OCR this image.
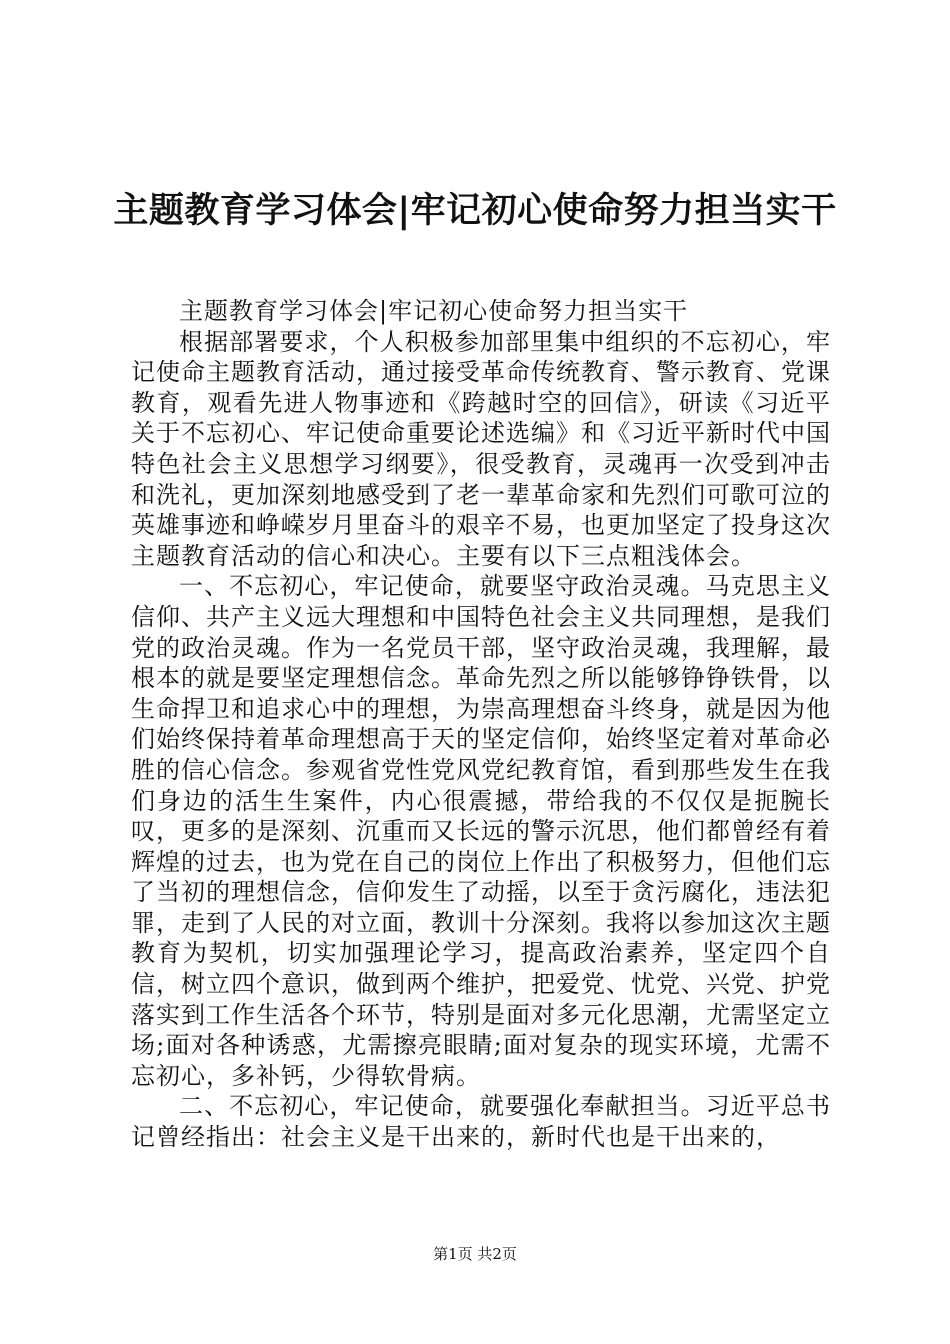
主题教育学习体会|牢记初心使命努力担当实干

主题教育学习体会|牢记初心使命努力担当实干

根据部署要求，个人积极参加部里集中组织的不忘初心，牢记使命主题教育活动，通过接受革命传统教育、警示教育、党课教育，观看先进人物事迹和《跨越时空的回信》，研读《习近平关于不忘初心、牢记使命重要论述选编》和《习近平新时代中国特色社会主义思想学习纲要》，很受教育，灵魂再一次受到冲击和洗礼，更加深刻地感受到了老一辈革命家和先烈们可歌可泣的英雄事迹和峥嵘岁月里奋斗的艰辛不易，也更加坚定了投身这次主题教育活动的信心和决心。主要有以下三点粗浅体会。

一、不忘初心，牢记使命，就要坚守政治灵魂。马克思主义信仰、共产主义远大理想和中国特色社会主义共同理想，是我们党的政治灵魂。作为一名党员干部，坚守政治灵魂，我理解，最根本的就是要坚定理想信念。革命先烈之所以能够铮铮铁骨，以生命捍卫和追求心中的理想，为崇高理想奋斗终身，就是因为他们始终保持着革命理想高于天的坚定信仰，始终坚定着对革命必胜的信心信念。参观省党性党风党纪教育馆，看到那些发生在我们身边的活生生案件，内心很震撼，带给我的不仅仅是扼腕长叹，更多的是深刻、沉重而又长远的警示沉思，他们都曾经有着辉煌的过去，也为党在自己的岗位上作出了积极努力，但他们忘了当初的理想信念，信仰发生了动摇，以至于贪污腐化，违法犯罪，走到了人民的对立面，教训十分深刻。我将以参加这次主题教育为契机，切实加强理论学习，提高政治素养，坚定四个自信，树立四个意识，做到两个维护，把爱党、忧党、兴党、护党落实到工作生活各个环节，特别是面对多元化思潮，尤需坚定立场;面对各种诱惑，尤需擦亮眼睛;面对复杂的现实环境，尤需不忘初心，多补钙，少得软骨病。

二、不忘初心，牢记使命，就要强化奉献担当。习近平总书记曾经指出：社会主义是干出来的，新时代也是干出来的，

第1页 共2页
